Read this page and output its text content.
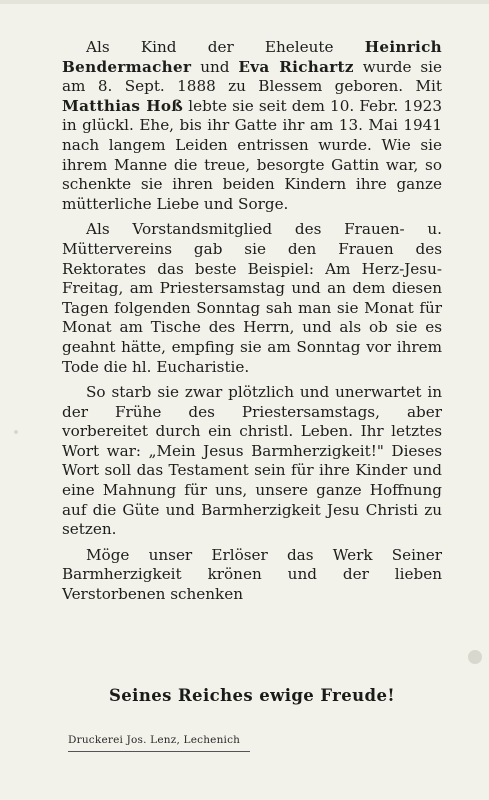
Als Kind der Eheleute Heinrich Bendermacher und Eva Richartz wurde sie am 8. Sept. 1888 zu Blessem geboren. Mit Matthias Hoß lebte sie seit dem 10. Febr. 1923 in glückl. Ehe, bis ihr Gatte ihr am 13. Mai 1941 nach langem Leiden entrissen wurde. Wie sie ihrem Manne die treue, besorgte Gattin war, so schenkte sie ihren beiden Kindern ihre ganze mütterliche Liebe und Sorge.

Als Vorstandsmitglied des Frauen- u. Müttervereins gab sie den Frauen des Rektorates das beste Beispiel: Am Herz-Jesu-Freitag, am Priestersamstag und an dem diesen Tagen folgenden Sonntag sah man sie Monat für Monat am Tische des Herrn, und als ob sie es geahnt hätte, empfing sie am Sonntag vor ihrem Tode die hl. Eucharistie.

So starb sie zwar plötzlich und unerwartet in der Frühe des Priestersamstags, aber vorbereitet durch ein christl. Leben. Ihr letztes Wort war: „Mein Jesus Barmherzigkeit!" Dieses Wort soll das Testament sein für ihre Kinder und eine Mahnung für uns, unsere ganze Hoffnung auf die Güte und Barmherzigkeit Jesu Christi zu setzen.

Möge unser Erlöser das Werk Seiner Barmherzigkeit krönen und der lieben Verstorbenen schenken

Seines Reiches ewige Freude!
Druckerei Jos. Lenz, Lechenich
